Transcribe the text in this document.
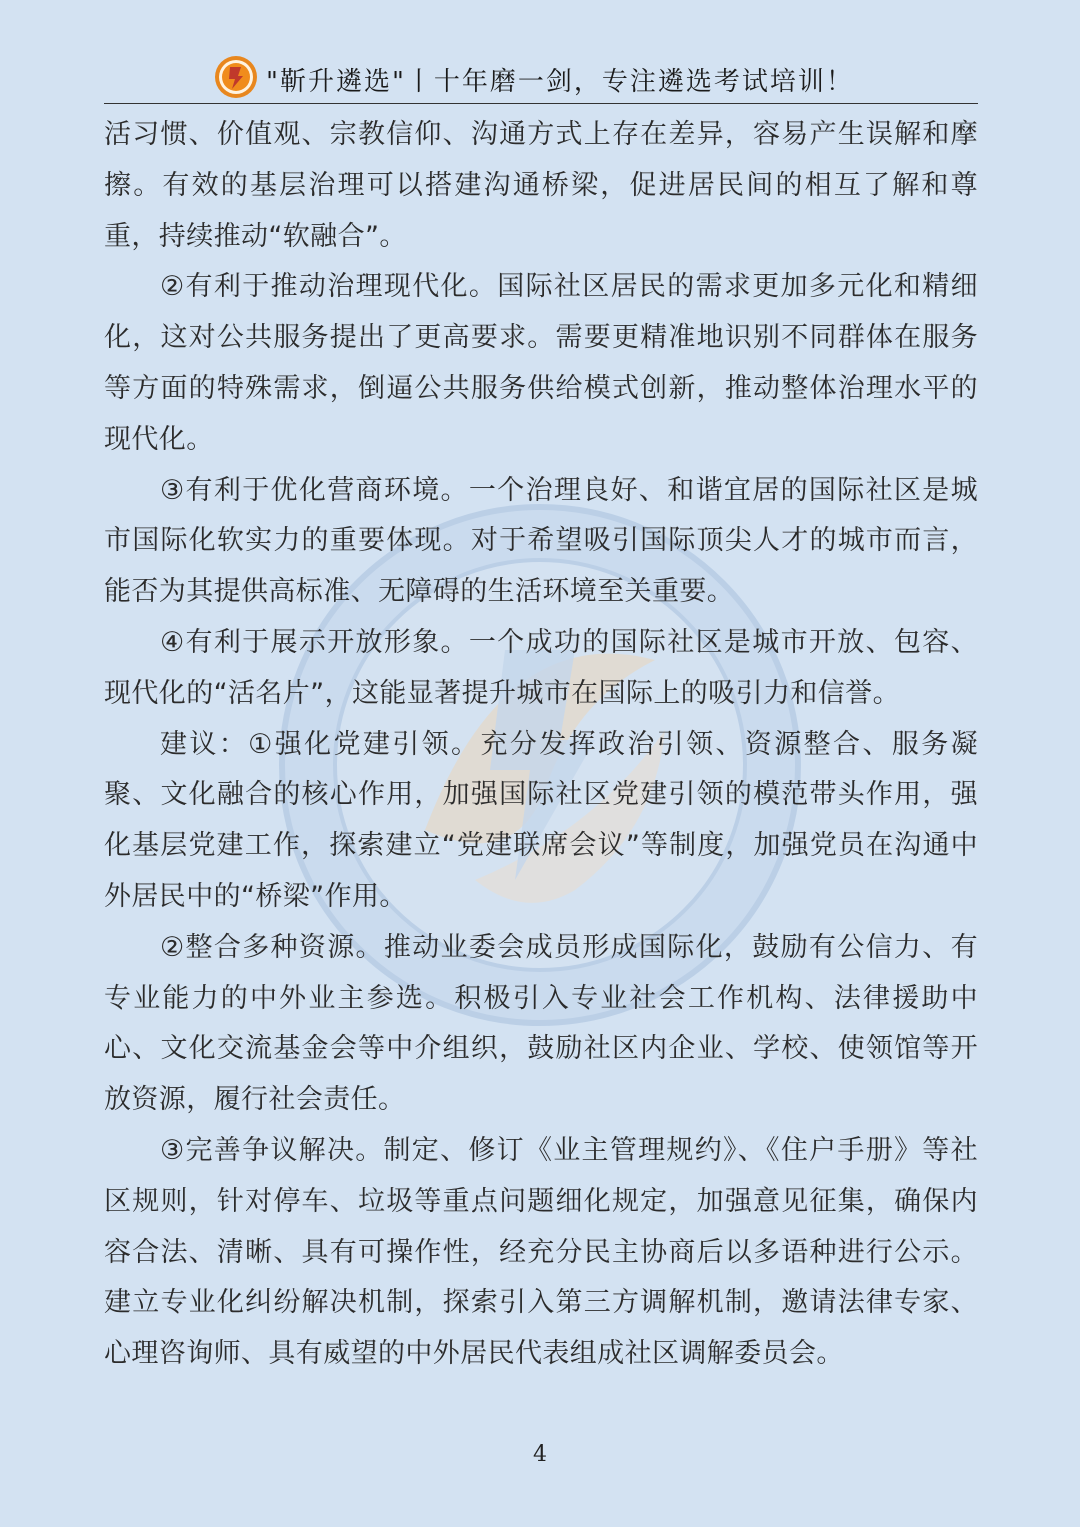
"靳升遴选"丨十年磨一剑，专注遴选考试培训！

活习惯、价值观、宗教信仰、沟通方式上存在差异，容易产生误解和摩擦。有效的基层治理可以搭建沟通桥梁，促进居民间的相互了解和尊重，持续推动“软融合”。

②有利于推动治理现代化。国际社区居民的需求更加多元化和精细化，这对公共服务提出了更高要求。需要更精准地识别不同群体在服务等方面的特殊需求，倒逼公共服务供给模式创新，推动整体治理水平的现代化。

③有利于优化营商环境。一个治理良好、和谐宜居的国际社区是城市国际化软实力的重要体现。对于希望吸引国际顶尖人才的城市而言，能否为其提供高标准、无障碍的生活环境至关重要。

④有利于展示开放形象。一个成功的国际社区是城市开放、包容、现代化的“活名片”，这能显著提升城市在国际上的吸引力和信誉。

建议：①强化党建引领。充分发挥政治引领、资源整合、服务凝聚、文化融合的核心作用，加强国际社区党建引领的模范带头作用，强化基层党建工作，探索建立“党建联席会议”等制度，加强党员在沟通中外居民中的“桥梁”作用。

②整合多种资源。推动业委会成员形成国际化，鼓励有公信力、有专业能力的中外业主参选。积极引入专业社会工作机构、法律援助中心、文化交流基金会等中介组织，鼓励社区内企业、学校、使领馆等开放资源，履行社会责任。

③完善争议解决。制定、修订《业主管理规约》、《住户手册》等社区规则，针对停车、垃圾等重点问题细化规定，加强意见征集，确保内容合法、清晰、具有可操作性，经充分民主协商后以多语种进行公示。建立专业化纠纷解决机制，探索引入第三方调解机制，邀请法律专家、心理咨询师、具有威望的中外居民代表组成社区调解委员会。

4
